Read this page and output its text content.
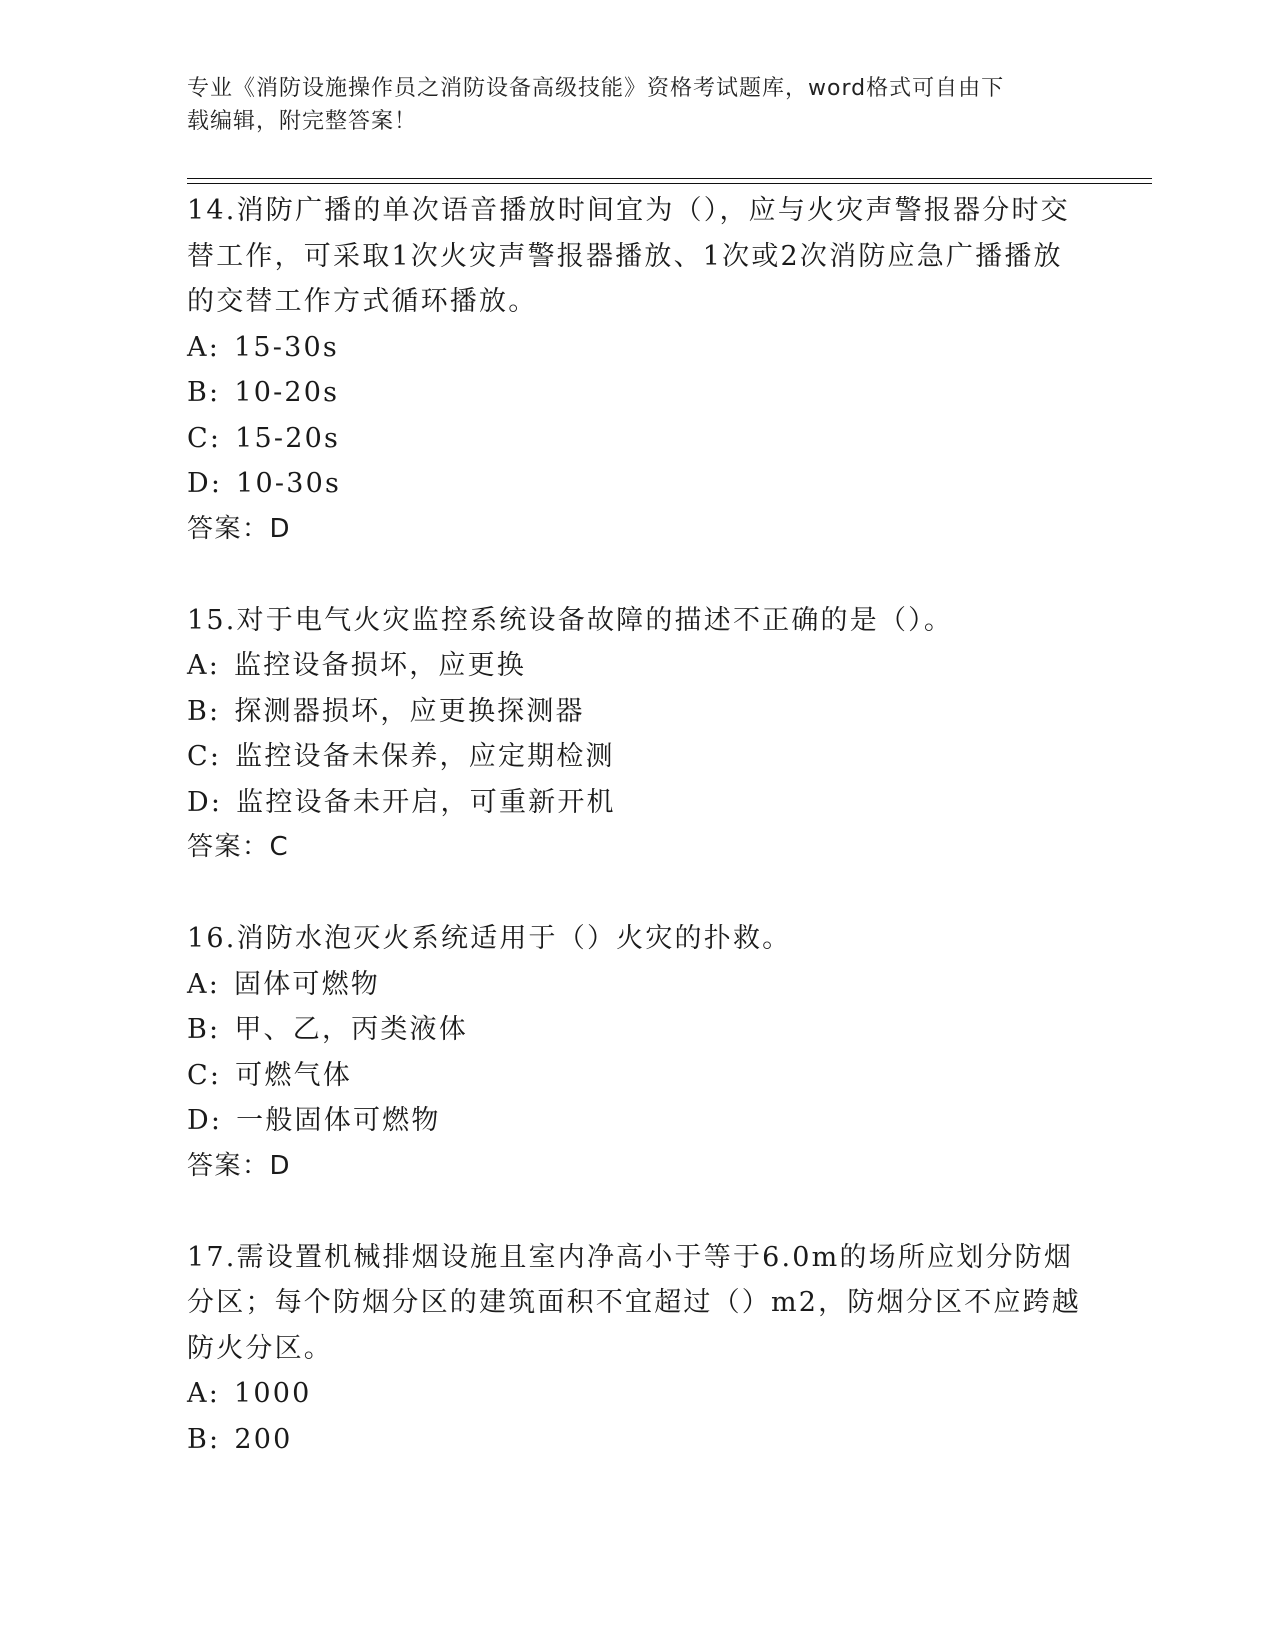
专业《消防设施操作员之消防设备高级技能》资格考试题库，word格式可自由下
载编辑，附完整答案！

14.消防广播的单次语音播放时间宜为（），应与火灾声警报器分时交替工作，可采取1次火灾声警报器播放、1次或2次消防应急广播播放的交替工作方式循环播放。

A: 15-30s
B: 10-20s
C: 15-20s
D: 10-30s

答案：D

15.对于电气火灾监控系统设备故障的描述不正确的是（）。

A: 监控设备损坏，应更换
B: 探测器损坏，应更换探测器
C: 监控设备未保养，应定期检测
D: 监控设备未开启，可重新开机

答案：C

16.消防水泡灭火系统适用于（）火灾的扑救。

A: 固体可燃物
B: 甲、乙，丙类液体
C: 可燃气体
D: 一般固体可燃物

答案：D

17.需设置机械排烟设施且室内净高小于等于6.0m的场所应划分防烟分区；每个防烟分区的建筑面积不宜超过（）m2，防烟分区不应跨越防火分区。

A: 1000
B: 200
